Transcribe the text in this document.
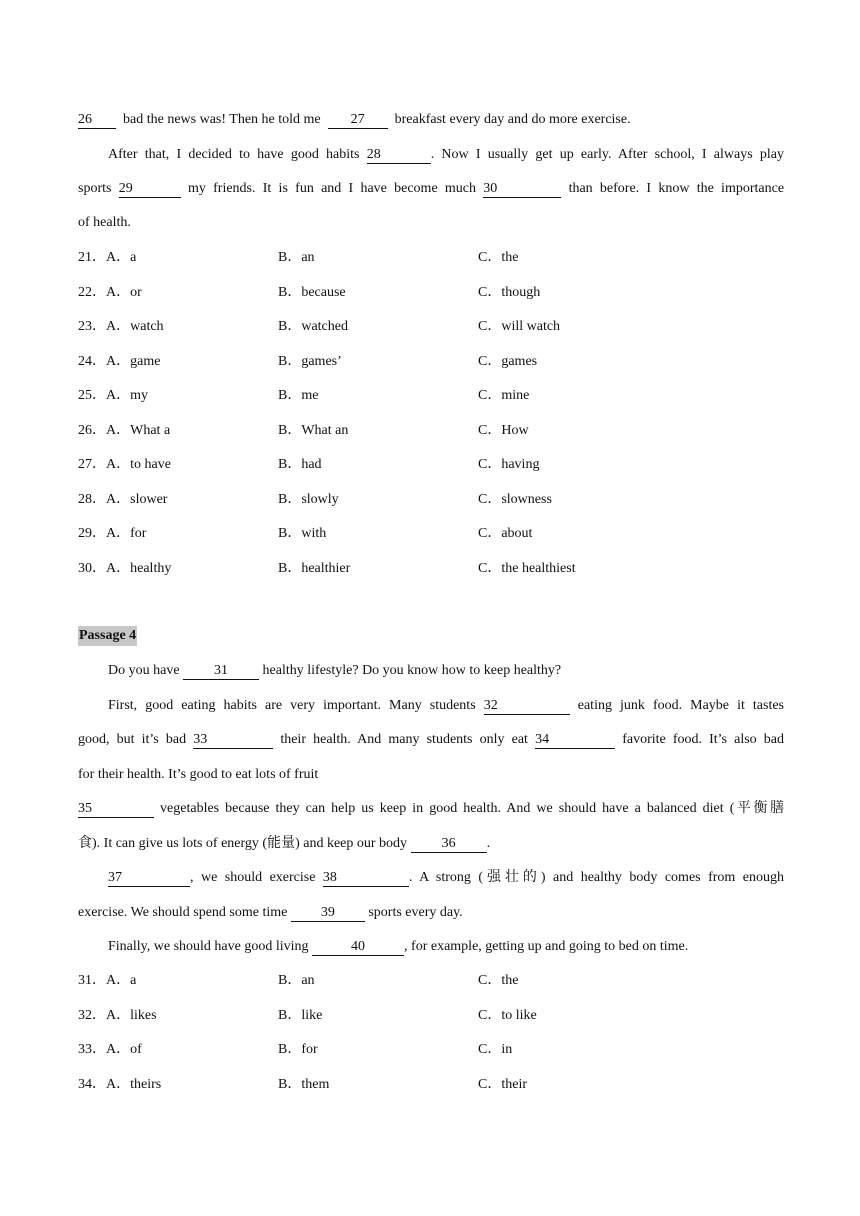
26 bad the news was! Then he told me 27 breakfast every day and do more exercise.
After that, I decided to have good habits 28	. Now I usually get up early. After school, I always play
sports 29	my friends. It is fun and I have become much 30	than before. I know the importance
of health.
21．A．a	B．an	C．the
22．A．or	B．because	C．though
23．A．watch	B．watched	C．will watch
24．A．game	B．games’	C．games
25．A．my	B．me	C．mine
26．A．What a	B．What an	C．How
27．A．to have	B．had	C．having
28．A．slower	B．slowly	C．slowness
29．A．for	B．with	C．about
30．A．healthy	B．healthier	C．the healthiest
Passage 4
Do you have 31 healthy lifestyle? Do you know how to keep healthy?
First, good eating habits are very important. Many students 32	eating junk food. Maybe it tastes
good, but it’s bad 33	their health. And many students only eat 34	favorite food. It’s also bad
for their health. It’s good to eat lots of fruit
35	vegetables because they can help us keep in good health. And we should have a balanced diet (平衡膳
食). It can give us lots of energy (能量) and keep our body 36 .
37	, we should exercise 38	. A strong (强壮的) and healthy body comes from enough
exercise. We should spend some time 39 sports every day.
Finally, we should have good living	40	, for example, getting up and going to bed on time.
31．A．a	B．an	C．the
32．A．likes	B．like	C．to like
33．A．of	B．for	C．in
34．A．theirs	B．them	C．their
